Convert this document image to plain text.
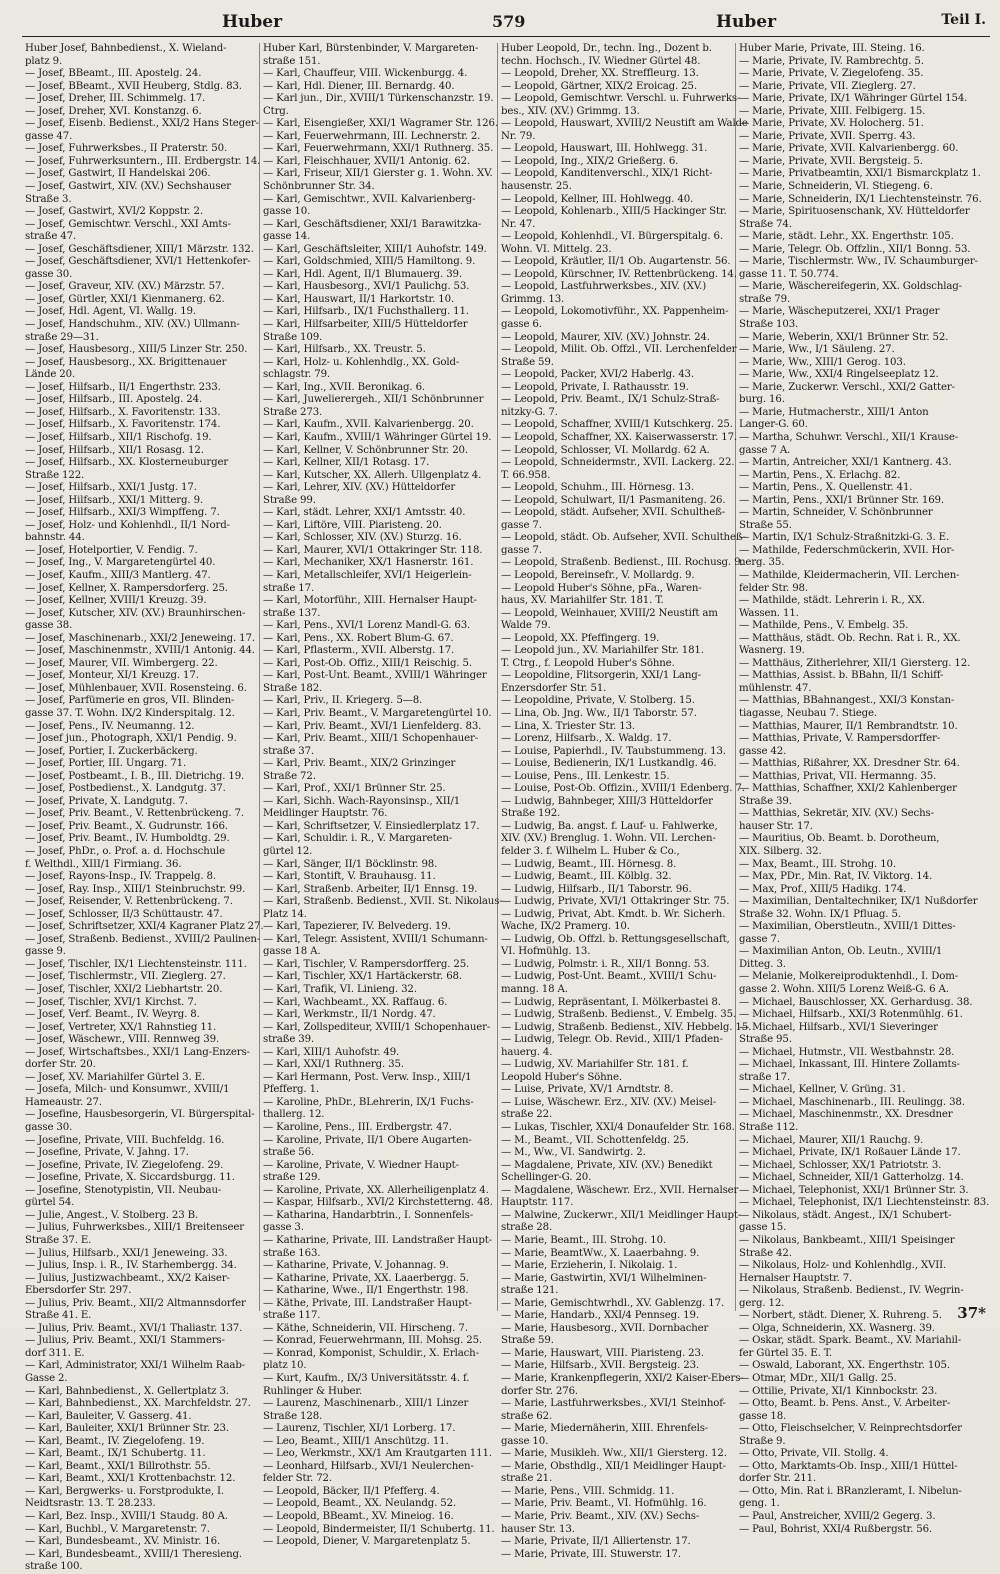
Huber	579	Huber	Teil I.
Huber Josef, Bahnbedienst., X. Wieland-
platz 9.
— Josef, BBeamt., III. Apostelg. 24.
— Josef, BBeamt., XVII Heuberg, Stdlg. 83.
— Josef, Dreher, III. Schimmelg. 17.
— Josef, Dreher, XVI. Konstanzg. 6.
— Josef, Eisenb. Bedienst., XXI/2 Hans Steger-
gasse 47.
— Josef, Fuhrwerksbes., II Praterstr. 50.
— Josef, Fuhrwerksuntern., III. Erdbergstr. 14.
— Josef, Gastwirt, II Handelskai 206.
— Josef, Gastwirt, XIV. (XV.) Sechshauser
Straße 3.
— Josef, Gastwirt, XVI/2 Koppstr. 2.
— Josef, Gemischtwr. Verschl., XXI Amts-
straße 47.
— Josef, Geschäftsdiener, XIII/1 Märzstr. 132.
— Josef, Geschäftsdiener, XVI/1 Hettenkofer-
gasse 30.
— Josef, Graveur, XIV. (XV.) Märzstr. 57.
— Josef, Gürtler, XXI/1 Kienmanerg. 62.
— Josef, Hdl. Agent, VI. Wallg. 19.
— Josef, Handschuhm., XIV. (XV.) Ullmann-
straße 29—31.
— Josef, Hausbesorg., XIII/5 Linzer Str. 250.
— Josef, Hausbesorg., XX. Brigittenauer
Lände 20.
— Josef, Hilfsarb., II/1 Engerthstr. 233.
— Josef, Hilfsarb., III. Apostelg. 24.
— Josef, Hilfsarb., X. Favoritenstr. 133.
— Josef, Hilfsarb., X. Favoritenstr. 174.
— Josef, Hilfsarb., XII/1 Rischofg. 19.
— Josef, Hilfsarb., XII/1 Rosasg. 12.
— Josef, Hilfsarb., XX. Klosterneuburger
Straße 122.
— Josef, Hilfsarb., XXI/1 Justg. 17.
— Josef, Hilfsarb., XXI/1 Mitterg. 9.
— Josef, Hilfsarb., XXI/3 Wimpffeng. 7.
— Josef, Holz- und Kohlenhdl., II/1 Nord-
bahnstr. 44.
— Josef, Hotelportier, V. Fendig. 7.
— Josef, Ing., V. Margaretengürtel 40.
— Josef, Kaufm., XIII/3 Mantlerg. 47.
— Josef, Kellner, X. Rampersdorferg. 25.
— Josef, Kellner, XVIII/1 Kreuzg. 39.
— Josef, Kutscher, XIV. (XV.) Braunhirschen-
gasse 38.
— Josef, Maschinenarb., XXI/2 Jeneweing. 17.
— Josef, Maschinenmstr., XVIII/1 Antonig. 44.
— Josef, Maurer, VII. Wimbergerg. 22.
— Josef, Monteur, XI/1 Kreuzg. 17.
— Josef, Mühlenbauer, XVII. Rosensteing. 6.
— Josef, Parfümerie en gros, VII. Blinden-
gasse 37. T. Wohn. IX/2 Kinderspitalg. 12.
— Josef, Pens., IV. Neumanng. 12.
— Josef jun., Photograph, XXI/1 Pendig. 9.
— Josef, Portier, I. Zuckerbäckerg.
— Josef, Portier, III. Ungarg. 71.
— Josef, Postbeamt., I. B., III. Dietrichg. 19.
— Josef, Postbedienst., X. Landgutg. 37.
— Josef, Private, X. Landgutg. 7.
— Josef, Priv. Beamt., V. Rettenbrückeng. 7.
— Josef, Priv. Beamt., X. Gudrunstr. 166.
— Josef, Priv. Beamt., IV. Humboldtg. 29.
— Josef, PhDr., o. Prof. a. d. Hochschule
f. Welthdl., XIII/1 Firmiang. 36.
— Josef, Rayons-Insp., IV. Trappelg. 8.
— Josef, Ray. Insp., XIII/1 Steinbruchstr. 99.
— Josef, Reisender, V. Rettenbrückeng. 7.
— Josef, Schlosser, II/3 Schüttaustr. 47.
— Josef, Schriftsetzer, XXI/4 Kagraner Platz 27.
— Josef, Straßenb. Bedienst., XVIII/2 Paulinen-
gasse 9.
— Josef, Tischler, IX/1 Liechtensteinstr. 111.
— Josef, Tischlermstr., VII. Zieglerg. 27.
— Josef, Tischler, XXI/2 Liebhartstr. 20.
— Josef, Tischler, XVI/1 Kirchst. 7.
— Josef, Verf. Beamt., IV. Weyrg. 8.
— Josef, Vertreter, XX/1 Rahnstieg 11.
— Josef, Wäschewr., VIII. Rennweg 39.
— Josef, Wirtschaftsbes., XXI/1 Lang-Enzers-
dorfer Str. 20.
— Josef, XV. Mariahilfer Gürtel 3. E.
— Josefa, Milch- und Konsumwr., XVIII/1
Hameaustr. 27.
— Josefine, Hausbesorgerin, VI. Bürgerspital-
gasse 30.
— Josefine, Private, VIII. Buchfeldg. 16.
— Josefine, Private, V. Jahng. 17.
— Josefine, Private, IV. Ziegelofeng. 29.
— Josefine, Private, X. Siccardsburgg. 11.
— Josefine, Stenotypistin, VII. Neubau-
gürtel 54.
— Julie, Angest., V. Stolberg. 23 B.
— Julius, Fuhrwerksbes., XIII/1 Breitenseer
Straße 37. E.
— Julius, Hilfsarb., XXI/1 Jeneweing. 33.
— Julius, Insp. i. R., IV. Starhembergg. 34.
— Julius, Justizwachbeamt., XX/2 Kaiser-
Ebersdorfer Str. 297.
— Julius, Priv. Beamt., XII/2 Altmannsdorfer
Straße 41. E.
— Julius, Priv. Beamt., XVI/1 Thaliastr. 137.
— Julius, Priv. Beamt., XXI/1 Stammers-
dorf 311. E.
— Karl, Administrator, XXI/1 Wilhelm Raab-
Gasse 2.
— Karl, Bahnbedienst., X. Gellertplatz 3.
— Karl, Bahnbedienst., XX. Marchfeldstr. 27.
— Karl, Bauleiter, V. Gasserg. 41.
— Karl, Bauleiter, XXI/1 Brünner Str. 23.
— Karl, Beamt., IV. Ziegelofeng. 19.
— Karl, Beamt., IX/1 Schubertg. 11.
— Karl, Beamt., XXI/1 Billrothstr. 55.
— Karl, Beamt., XXI/1 Krottenbachstr. 12.
— Karl, Bergwerks- u. Forstprodukte, I.
Neidtsrastr. 13. T. 28.233.
— Karl, Bez. Insp., XVIII/1 Staudg. 80 A.
— Karl, Buchbl., V. Margaretenstr. 7.
— Karl, Bundesbeamt., XV. Ministr. 16.
— Karl, Bundesbeamt., XVIII/1 Theresieng.
straße 100.
Huber Karl, Bürstenbinder, V. Margareten-
straße 151.
— Karl, Chauffeur, VIII. Wickenburgg. 4.
— Karl, Hdl. Diener, III. Bernardg. 40.
— Karl jun., Dir., XVIII/1 Türkenschanzstr. 19.
Ctrg.
— Karl, Eisengießer, XXI/1 Wagramer Str. 126.
— Karl, Feuerwehrmann, III. Lechnerstr. 2.
— Karl, Feuerwehrmann, XXI/1 Ruthnerg. 35.
— Karl, Fleischhauer, XVII/1 Antonig. 62.
— Karl, Friseur, XII/1 Gierster g. 1. Wohn. XV.
Schönbrunner Str. 34.
— Karl, Gemischtwr., XVII. Kalvarienberg-
gasse 10.
— Karl, Geschäftsdiener, XXI/1 Barawitzka-
gasse 14.
— Karl, Geschäftsleiter, XIII/1 Auhofstr. 149.
— Karl, Goldschmied, XIII/5 Hamiltong. 9.
— Karl, Hdl. Agent, II/1 Blumauerg. 39.
— Karl, Hausbesorg., XVI/1 Paulichg. 53.
— Karl, Hauswart, II/1 Harkortstr. 10.
— Karl, Hilfsarb., IX/1 Fuchsthallerg. 11.
— Karl, Hilfsarbeiter, XIII/5 Hütteldorfer
Straße 109.
— Karl, Hilfsarb., XX. Treustr. 5.
— Karl, Holz- u. Kohlenhdlg., XX. Gold-
schlagstr. 79.
— Karl, Ing., XVII. Beronikag. 6.
— Karl, Juwelierergeh., XII/1 Schönbrunner
Straße 273.
— Karl, Kaufm., XVII. Kalvarienbergg. 20.
— Karl, Kaufm., XVIII/1 Währinger Gürtel 19.
— Karl, Kellner, V. Schönbrunner Str. 20.
— Karl, Kellner, XII/1 Rotasg. 17.
— Karl, Kutscher, XX. Allerh. Ullgenplatz 4.
— Karl, Lehrer, XIV. (XV.) Hütteldorfer
Straße 99.
— Karl, städt. Lehrer, XXI/1 Amtsstr. 40.
— Karl, Liftöre, VIII. Piaristeng. 20.
— Karl, Schlosser, XIV. (XV.) Sturzg. 16.
— Karl, Maurer, XVI/1 Ottakringer Str. 118.
— Karl, Mechaniker, XX/1 Hasnerstr. 161.
— Karl, Metallschleifer, XVI/1 Heigerlein-
straße 17.
— Karl, Motorführ., XIII. Hernalser Haupt-
straße 137.
— Karl, Pens., XVI/1 Lorenz Mandl-G. 63.
— Karl, Pens., XX. Robert Blum-G. 67.
— Karl, Pflasterm., XVII. Alberstg. 17.
— Karl, Post-Ob. Offiz., XIII/1 Reischig. 5.
— Karl, Post-Unt. Beamt., XVIII/1 Währinger
Straße 182.
— Karl, Priv., II. Kriegerg. 5—8.
— Karl, Priv. Beamt., V. Margaretengürtel 10.
— Karl, Priv. Beamt., XVI/1 Lienfelderg. 83.
— Karl, Priv. Beamt., XIII/1 Schopenhauer-
straße 37.
— Karl, Priv. Beamt., XIX/2 Grinzinger
Straße 72.
— Karl, Prof., XXI/1 Brünner Str. 25.
— Karl, Sichh. Wach-Rayonsinsp., XII/1
Meidlinger Hauptstr. 76.
— Karl, Schriftsetzer, V. Einsiedlerplatz 17.
— Karl, Schuldir. i. R., V. Margareten-
gürtel 12.
— Karl, Sänger, II/1 Böcklinstr. 98.
— Karl, Stontift, V. Brauhausg. 11.
— Karl, Straßenb. Arbeiter, II/1 Ennsg. 19.
— Karl, Straßenb. Bedienst., XVII. St. Nikolaus-
Platz 14.
— Karl, Tapezierer, IV. Belvederg. 19.
— Karl, Telegr. Assistent, XVIII/1 Schumann-
gasse 18 A.
— Karl, Tischler, V. Rampersdorfferg. 25.
— Karl, Tischler, XX/1 Hartäckerstr. 68.
— Karl, Trafik, VI. Linieng. 32.
— Karl, Wachbeamt., XX. Raffaug. 6.
— Karl, Werkmstr., II/1 Nordg. 47.
— Karl, Zollspediteur, XVIII/1 Schopenhauer-
straße 39.
— Karl, XIII/1 Auhofstr. 49.
— Karl, XXI/1 Ruthnerg. 35.
— Karl Hermann, Post. Verw. Insp., XIII/1
Pfefferg. 1.
— Karoline, PhDr., BLehrerin, IX/1 Fuchs-
thallerg. 12.
— Karoline, Pens., III. Erdbergstr. 47.
— Karoline, Private, II/1 Obere Augarten-
straße 56.
— Karoline, Private, V. Wiedner Haupt-
straße 129.
— Karoline, Private, XX. Allerheiligenplatz 4.
— Kaspar, Hilfsarb., XVI/2 Kirchstetterng. 48.
— Katharina, Handarbtrin., I. Sonnenfels-
gasse 3.
— Katharine, Private, III. Landstraßer Haupt-
straße 163.
— Katharine, Private, V. Johannag. 9.
— Katharine, Private, XX. Laaerbergg. 5.
— Katharine, Wwe., II/1 Engerthstr. 198.
— Käthe, Private, III. Landstraßer Haupt-
straße 117.
— Käthe, Schneiderin, VII. Hirscheng. 7.
— Konrad, Feuerwehrmann, III. Mohsg. 25.
— Konrad, Komponist, Schuldir., X. Erlach-
platz 10.
— Kurt, Kaufm., IX/3 Universitätsstr. 4. f.
Ruhlinger & Huber.
— Laurenz, Maschinenarb., XIII/1 Linzer
Straße 128.
— Laurenz, Tischler, XI/1 Lorberg. 17.
— Leo, Beamt., XIII/1 Anschützg. 11.
— Leo, Werkmstr., XX/1 Am Krautgarten 111.
— Leonhard, Hilfsarb., XVI/1 Neulerchen-
felder Str. 72.
— Leopold, Bäcker, II/1 Pfefferg. 4.
— Leopold, Beamt., XX. Neulandg. 52.
— Leopold, BBeamt., XV. Mineiog. 16.
— Leopold, Bindermeister, II/1 Schubertg. 11.
— Leopold, Diener, V. Margaretenplatz 5.
Huber Leopold, Dr., techn. Ing., Dozent b.
techn. Hochsch., IV. Wiedner Gürtel 48.
— Leopold, Dreher, XX. Streffleurg. 13.
— Leopold, Gärtner, XIX/2 Eroicag. 25.
— Leopold, Gemischtwr. Verschl. u. Fuhrwerks-
bes., XIV. (XV.) Grimmg. 13.
— Leopold, Hauswart, XVIII/2 Neustift am Walde
Nr. 79.
— Leopold, Hauswart, III. Hohlwegg. 31.
— Leopold, Ing., XIX/2 Grießerg. 6.
— Leopold, Kanditenverschl., XIX/1 Richt-
hausenstr. 25.
— Leopold, Kellner, III. Hohlwegg. 40.
— Leopold, Kohlenarb., XIII/5 Hackinger Str.
Nr. 47.
— Leopold, Kohlenhdl., VI. Bürgerspitalg. 6.
Wohn. VI. Mittelg. 23.
— Leopold, Kräutler, II/1 Ob. Augartenstr. 56.
— Leopold, Kürschner, IV. Rettenbrückeng. 14.
— Leopold, Lastfuhrwerksbes., XIV. (XV.)
Grimmg. 13.
— Leopold, Lokomotivführ., XX. Pappenheim-
gasse 6.
— Leopold, Maurer, XIV. (XV.) Johnstr. 24.
— Leopold, Milit. Ob. Offzl., VII. Lerchenfelder
Straße 59.
— Leopold, Packer, XVI/2 Haberlg. 43.
— Leopold, Private, I. Rathausstr. 19.
— Leopold, Priv. Beamt., IX/1 Schulz-Straß-
nitzky-G. 7.
— Leopold, Schaffner, XVIII/1 Kutschkerg. 25.
— Leopold, Schaffner, XX. Kaiserwasserstr. 17.
— Leopold, Schlosser, VI. Mollardg. 62 A.
— Leopold, Schneidermstr., XVII. Lackerg. 22.
T. 66.958.
— Leopold, Schuhm., III. Hörnesg. 13.
— Leopold, Schulwart, II/1 Pasmaniteng. 26.
— Leopold, städt. Aufseher, XVII. Schultheß-
gasse 7.
— Leopold, städt. Ob. Aufseher, XVII. Schultheß-
gasse 7.
— Leopold, Straßenb. Bedienst., III. Rochusg. 9.
— Leopold, Bereinsefr., V. Mollardg. 9.
— Leopold Huber's Söhne, pFa., Waren-
haus, XV. Mariahilfer Str. 181. T.
— Leopold, Weinhauer, XVIII/2 Neustift am
Walde 79.
— Leopold, XX. Pfeffingerg. 19.
— Leopold jun., XV. Mariahilfer Str. 181.
T. Ctrg., f. Leopold Huber's Söhne.
— Leopoldine, Flitsorgerin, XXI/1 Lang-
Enzersdorfer Str. 51.
— Leopoldine, Private, V. Stolberg. 15.
— Lina, Ob. Jng. Ww., II/1 Taborstr. 57.
— Lina, X. Triester Str. 13.
— Lorenz, Hilfsarb., X. Waldg. 17.
— Louise, Papierhdl., IV. Taubstummeng. 13.
— Louise, Bedienerin, IX/1 Lustkandlg. 46.
— Louise, Pens., III. Lenkestr. 15.
— Louise, Post-Ob. Offizin., XVIII/1 Edenberg. 7.
— Ludwig, Bahnbeger, XIII/3 Hütteldorfer
Straße 192.
— Ludwig, Ba. angst. f. Lauf- u. Fahlwerke,
XIV. (XV.) Brenglug. 1. Wohn. VII. Lerchen-
felder 3. f. Wilhelm L. Huber & Co.,
— Ludwig, Beamt., III. Hörnesg. 8.
— Ludwig, Beamt., III. Kölblg. 32.
— Ludwig, Hilfsarb., II/1 Taborstr. 96.
— Ludwig, Private, XVI/1 Ottakringer Str. 75.
— Ludwig, Privat, Abt. Kmdt. b. Wr. Sicherh.
Wache, IX/2 Pramerg. 10.
— Ludwig, Ob. Offzl. b. Rettungsgesellschaft,
VI. Hofmühlg. 13.
— Ludwig, Polmstr. i. R., XII/1 Bonng. 53.
— Ludwig, Post-Unt. Beamt., XVIII/1 Schu-
manng. 18 A.
— Ludwig, Repräsentant, I. Mölkerbastei 8.
— Ludwig, Straßenb. Bedienst., V. Embelg. 35.
— Ludwig, Straßenb. Bedienst., XIV. Hebbelg. 15.
— Ludwig, Telegr. Ob. Revid., XIII/1 Pfaden-
hauerg. 4.
— Ludwig, XV. Mariahilfer Str. 181. f.
Leopold Huber's Söhne.
— Luise, Private, XV/1 Arndtstr. 8.
— Luise, Wäschewr. Erz., XIV. (XV.) Meisel-
straße 22.
— Lukas, Tischler, XXI/4 Donaufelder Str. 168.
— M., Beamt., VII. Schottenfeldg. 25.
— M., Ww., VI. Sandwirtg. 2.
— Magdalene, Private, XIV. (XV.) Benedikt
Schellinger-G. 20.
— Magdalene, Wäschewr. Erz., XVII. Hernalser
Hauptstr. 117.
— Malwine, Zuckerwr., XII/1 Meidlinger Haupt-
straße 28.
— Marie, Beamt., III. Strohg. 10.
— Marie, BeamtWw., X. Laaerbahng. 9.
— Marie, Erzieherin, I. Nikolaig. 1.
— Marie, Gastwirtin, XVI/1 Wilhelminen-
straße 121.
— Marie, Gemischtwrhdl., XV. Gablenzg. 17.
— Marie, Handarb., XXI/4 Pennseg. 19.
— Marie, Hausbesorg., XVII. Dornbacher
Straße 59.
— Marie, Hauswart, VIII. Piaristeng. 23.
— Marie, Hilfsarb., XVII. Bergsteig. 23.
— Marie, Krankenpflegerin, XXI/2 Kaiser-Ebers-
dorfer Str. 276.
— Marie, Lastfuhrwerksbes., XVI/1 Steinhof-
straße 62.
— Marie, Miedernäherin, XIII. Ehrenfels-
gasse 10.
— Marie, Musikleh. Ww., XII/1 Giersterg. 12.
— Marie, Obsthdlg., XII/1 Meidlinger Haupt-
straße 21.
— Marie, Pens., VIII. Schmidg. 11.
— Marie, Priv. Beamt., VI. Hofmühlg. 16.
— Marie, Priv. Beamt., XIV. (XV.) Sechs-
hauser Str. 13.
— Marie, Private, II/1 Alliertenstr. 17.
— Marie, Private, III. Stuwerstr. 17.
Huber Marie, Private, III. Steing. 16.
— Marie, Private, IV. Rambrechtg. 5.
— Marie, Private, V. Ziegelofeng. 35.
— Marie, Private, VII. Zieglerg. 27.
— Marie, Private, IX/1 Währinger Gürtel 154.
— Marie, Private, XIII. Felbigerg. 15.
— Marie, Private, XV. Holocherg. 51.
— Marie, Private, XVII. Sperrg. 43.
— Marie, Private, XVII. Kalvarienbergg. 60.
— Marie, Private, XVII. Bergsteig. 5.
— Marie, Privatbeamtin, XXI/1 Bismarckplatz 1.
— Marie, Schneiderin, VI. Stiegeng. 6.
— Marie, Schneiderin, IX/1 Liechtensteinstr. 76.
— Marie, Spirituosenschank, XV. Hütteldorfer
Straße 74.
— Marie, städt. Lehr., XX. Engerthstr. 105.
— Marie, Telegr. Ob. Offzlin., XII/1 Bonng. 53.
— Marie, Tischlermstr. Ww., IV. Schaumburger-
gasse 11. T. 50.774.
— Marie, Wäschereifegerin, XX. Goldschlag-
straße 79.
— Marie, Wäscheputzerei, XXI/1 Prager
Straße 103.
— Marie, Weberin, XXI/1 Brünner Str. 52.
— Marie, Ww., I/1 Säuleng. 27.
— Marie, Ww., XIII/1 Gerog. 103.
— Marie, Ww., XXI/4 Ringelseeplatz 12.
— Marie, Zuckerwr. Verschl., XXI/2 Gatter-
burg. 16.
— Marie, Hutmacherstr., XIII/1 Anton
Langer-G. 60.
— Martha, Schuhwr. Verschl., XII/1 Krause-
gasse 7 A.
— Martin, Antreicher, XXI/1 Kantnerg. 43.
— Martin, Pens., X. Erlachg. 82.
— Martin, Pens., X. Quellenstr. 41.
— Martin, Pens., XXI/1 Brünner Str. 169.
— Martin, Schneider, V. Schönbrunner
Straße 55.
— Martin, IX/1 Schulz-Straßnitzki-G. 3. E.
— Mathilde, Federschmückerin, XVII. Hor-
nerg. 35.
— Mathilde, Kleidermacherin, VII. Lerchen-
felder Str. 98.
— Mathilde, städt. Lehrerin i. R., XX.
Wassen. 11.
— Mathilde, Pens., V. Embelg. 35.
— Matthäus, städt. Ob. Rechn. Rat i. R., XX.
Wasnerg. 19.
— Matthäus, Zitherlehrer, XII/1 Giersterg. 12.
— Matthias, Assist. b. BBahn, II/1 Schiff-
mühlenstr. 47.
— Matthias, BBahnangest., XXI/3 Konstan-
tiagasse, Neubau 7. Stiege.
— Matthias, Maurer, II/1 Rembrandtstr. 10.
— Matthias, Private, V. Rampersdorffer-
gasse 42.
— Matthias, Rißahrer, XX. Dresdner Str. 64.
— Matthias, Privat, VII. Hermanng. 35.
— Matthias, Schaffner, XXI/2 Kahlenberger
Straße 39.
— Matthias, Sekretär, XIV. (XV.) Sechs-
hauser Str. 17.
— Mauritius, Ob. Beamt. b. Dorotheum,
XIX. Silberg. 32.
— Max, Beamt., III. Strohg. 10.
— Max, PDr., Min. Rat, IV. Viktorg. 14.
— Max, Prof., XIII/5 Hadikg. 174.
— Maximilian, Dentaltechniker, IX/1 Nußdorfer
Straße 32. Wohn. IX/1 Pfluag. 5.
— Maximilian, Oberstleutn., XVIII/1 Dittes-
gasse 7.
— Maximilian Anton, Ob. Leutn., XVIII/1
Ditteg. 3.
— Melanie, Molkereiproduktenhdl., I. Dom-
gasse 2. Wohn. XIII/5 Lorenz Weiß-G. 6 A.
— Michael, Bauschlosser, XX. Gerhardusg. 38.
— Michael, Hilfsarb., XXI/3 Rotenmühlg. 61.
— Michael, Hilfsarb., XVI/1 Sieveringer
Straße 95.
— Michael, Hutmstr., VII. Westbahnstr. 28.
— Michael, Inkassant, III. Hintere Zollamts-
straße 17.
— Michael, Kellner, V. Grüng. 31.
— Michael, Maschinenarb., III. Reulingg. 38.
— Michael, Maschinenmstr., XX. Dresdner
Straße 112.
— Michael, Maurer, XII/1 Rauchg. 9.
— Michael, Private, IX/1 Roßauer Lände 17.
— Michael, Schlosser, XX/1 Patriotstr. 3.
— Michael, Schneider, XII/1 Gatterholzg. 14.
— Michael, Telephonist, XXI/1 Brünner Str. 3.
— Michael, Telephonist, IX/1 Liechtensteinstr. 83.
— Nikolaus, städt. Angest., IX/1 Schubert-
gasse 15.
— Nikolaus, Bankbeamt., XIII/1 Speisinger
Straße 42.
— Nikolaus, Holz- und Kohlenhdlg., XVII.
Hernalser Hauptstr. 7.
— Nikolaus, Straßenb. Bedienst., IV. Wegrin-
gerg. 12.
— Norbert, städt. Diener, X. Ruhreng. 5.
— Olga, Schneiderin, XX. Wasnerg. 39.
— Oskar, städt. Spark. Beamt., XV. Mariahil-
fer Gürtel 35. E. T.
— Oswald, Laborant, XX. Engerthstr. 105.
— Otmar, MDr., XII/1 Gallg. 25.
— Ottilie, Private, XI/1 Kinnbockstr. 23.
— Otto, Beamt. b. Pens. Anst., V. Arbeiter-
gasse 18.
— Otto, Fleischselcher, V. Reinprechtsdorfer
Straße 9.
— Otto, Private, VII. Stollg. 4.
— Otto, Marktamts-Ob. Insp., XIII/1 Hüttel-
dorfer Str. 211.
— Otto, Min. Rat i. BRanzleramt, I. Nibelun-
geng. 1.
— Paul, Anstreicher, XVIII/2 Gegerg. 3.
— Paul, Bohrist, XXI/4 Rußbergstr. 56.
37*
